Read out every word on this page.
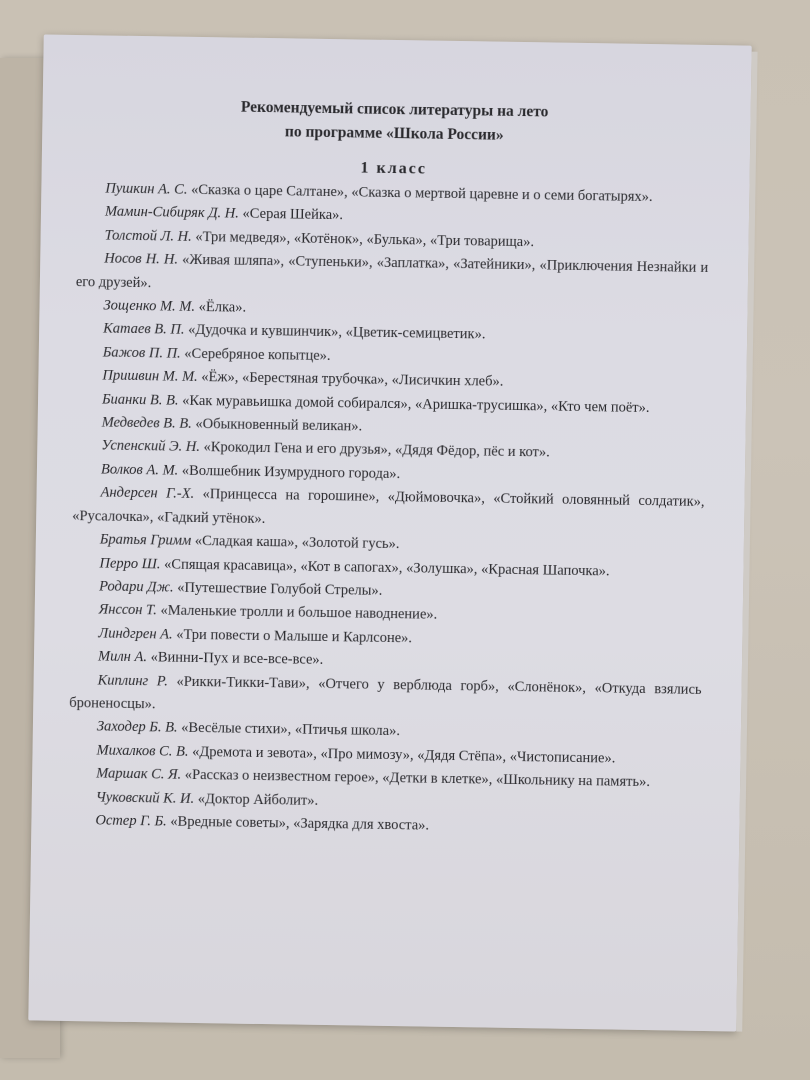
Рекомендуемый список литературы на лето
по программе «Школа России»
1 класс
Пушкин А. С. «Сказка о царе Салтане», «Сказка о мертвой царевне и о семи богатырях».
Мамин-Сибиряк Д. Н. «Серая Шейка».
Толстой Л. Н. «Три медведя», «Котёнок», «Булька», «Три товарища».
Носов Н. Н. «Живая шляпа», «Ступеньки», «Заплатка», «Затейники», «Приключения Незнайки и его друзей».
Зощенко М. М. «Ёлка».
Катаев В. П. «Дудочка и кувшинчик», «Цветик-семицветик».
Бажов П. П. «Серебряное копытце».
Пришвин М. М. «Ёж», «Берестяная трубочка», «Лисичкин хлеб».
Бианки В. В. «Как муравьишка домой собирался», «Аришка-трусишка», «Кто чем поёт».
Медведев В. В. «Обыкновенный великан».
Успенский Э. Н. «Крокодил Гена и его друзья», «Дядя Фёдор, пёс и кот».
Волков А. М. «Волшебник Изумрудного города».
Андерсен Г.-Х. «Принцесса на горошине», «Дюймовочка», «Стойкий оловянный солдатик», «Русалочка», «Гадкий утёнок».
Братья Гримм «Сладкая каша», «Золотой гусь».
Перро Ш. «Спящая красавица», «Кот в сапогах», «Золушка», «Красная Шапочка».
Родари Дж. «Путешествие Голубой Стрелы».
Янссон Т. «Маленькие тролли и большое наводнение».
Линдгрен А. «Три повести о Малыше и Карлсоне».
Милн А. «Винни-Пух и все-все-все».
Киплинг Р. «Рикки-Тикки-Тави», «Отчего у верблюда горб», «Слонёнок», «Откуда взялись броненосцы».
Заходер Б. В. «Весёлые стихи», «Птичья школа».
Михалков С. В. «Дремота и зевота», «Про мимозу», «Дядя Стёпа», «Чистописание».
Маршак С. Я. «Рассказ о неизвестном герое», «Детки в клетке», «Школьнику на память».
Чуковский К. И. «Доктор Айболит».
Остер Г. Б. «Вредные советы», «Зарядка для хвоста».
